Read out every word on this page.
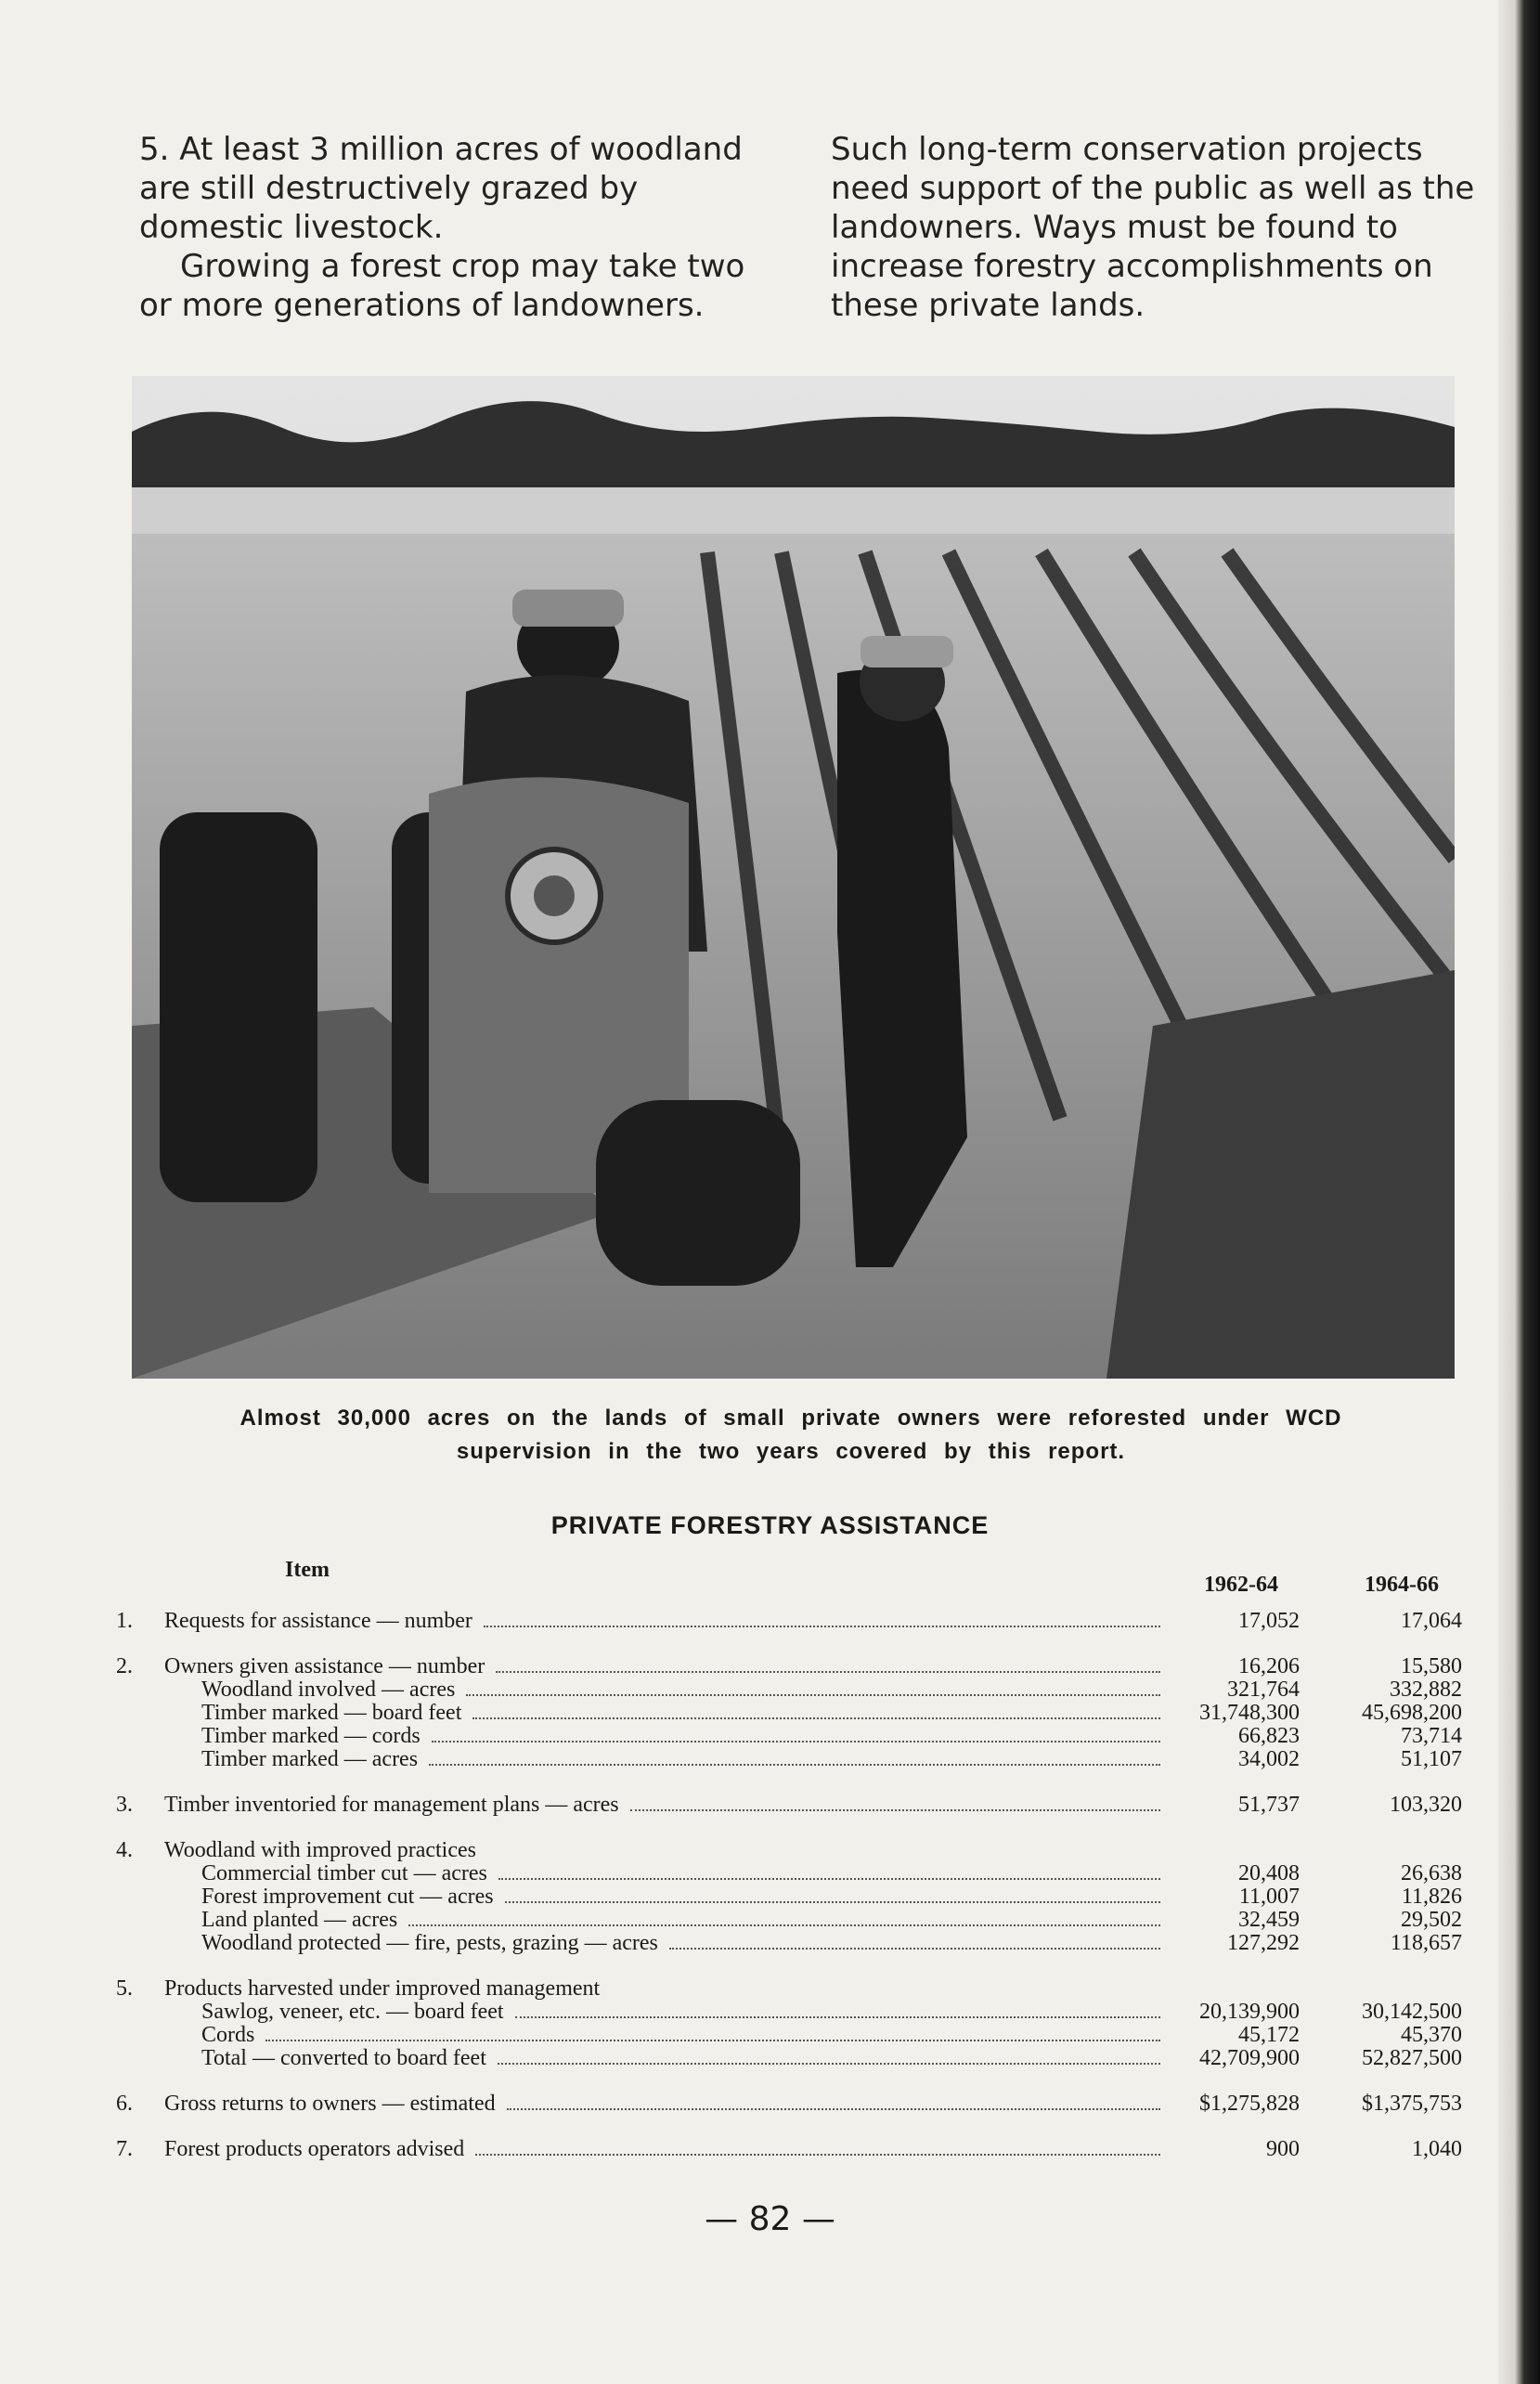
5. At least 3 million acres of woodland are still destructively grazed by domestic livestock.

Growing a forest crop may take two or more generations of landowners.

Such long-term conservation projects need support of the public as well as the landowners. Ways must be found to increase forestry accomplishments on these private lands.

Almost 30,000 acres on the lands of small private owners were reforested under WCD supervision in the two years covered by this report.
PRIVATE FORESTRY ASSISTANCE
Item
1962-64	1964-66
1.	Requests for assistance — number	17,052	17,064
2.	Owners given assistance — number	16,206	15,580
Woodland involved — acres	321,764	332,882
Timber marked — board feet	31,748,300	45,698,200
Timber marked — cords	66,823	73,714
Timber marked — acres	34,002	51,107
3.	Timber inventoried for management plans — acres	51,737	103,320
4.	Woodland with improved practices
Commercial timber cut — acres	20,408	26,638
Forest improvement cut — acres	11,007	11,826
Land planted — acres	32,459	29,502
Woodland protected — fire, pests, grazing — acres	127,292	118,657
5.	Products harvested under improved management
Sawlog, veneer, etc. — board feet	20,139,900	30,142,500
Cords	45,172	45,370
Total — converted to board feet	42,709,900	52,827,500
6.	Gross returns to owners — estimated	$1,275,828	$1,375,753
7.	Forest products operators advised	900	1,040
— 82 —
